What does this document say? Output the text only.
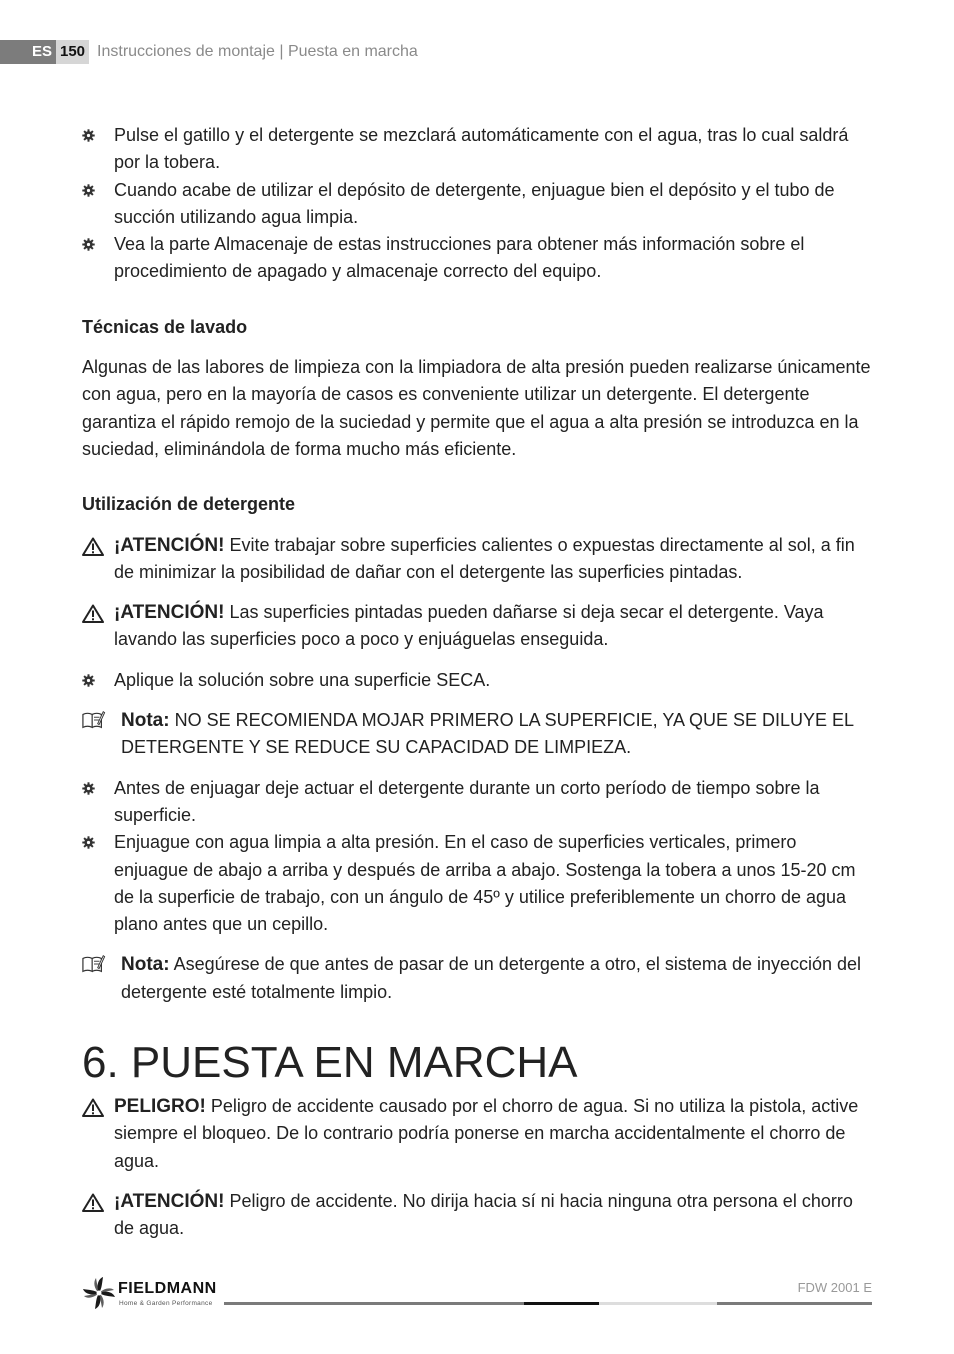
ES 150 Instrucciones de montaje | Puesta en marcha
Pulse el gatillo y el detergente se mezclará automáticamente con el agua, tras lo cual saldrá por la tobera.
Cuando acabe de utilizar el depósito de detergente, enjuague bien el depósito y el tubo de succión utilizando agua limpia.
Vea la parte Almacenaje de estas instrucciones para obtener más información sobre el procedimiento de apagado y almacenaje correcto del equipo.
Técnicas de lavado

Algunas de las labores de limpieza con la limpiadora de alta presión pueden realizarse únicamente con agua, pero en la mayoría de casos es conveniente utilizar un detergente. El detergente garantiza el rápido remojo de la suciedad y permite que el agua a alta presión se introduzca en la suciedad, eliminándola de forma mucho más eficiente.

Utilización de detergente
¡ATENCIÓN! Evite trabajar sobre superficies calientes o expuestas directamente al sol, a fin de minimizar la posibilidad de dañar con el detergente las superficies pintadas.
¡ATENCIÓN! Las superficies pintadas pueden dañarse si deja secar el detergente. Vaya lavando las superficies poco a poco y enjuáguelas enseguida.
Aplique la solución sobre una superficie SECA.
Nota: NO SE RECOMIENDA MOJAR PRIMERO LA SUPERFICIE, YA QUE SE DILUYE EL DETERGENTE Y SE REDUCE SU CAPACIDAD DE LIMPIEZA.
Antes de enjuagar deje actuar el detergente durante un corto período de tiempo sobre la superficie.
Enjuague con agua limpia a alta presión. En el caso de superficies verticales, primero enjuague de abajo a arriba y después de arriba a abajo. Sostenga la tobera a unos 15-20 cm de la superficie de trabajo, con un ángulo de 45º y utilice preferiblemente un chorro de agua plano antes que un cepillo.
Nota: Asegúrese de que antes de pasar de un detergente a otro, el sistema de inyección del detergente esté totalmente limpio.
6. PUESTA EN MARCHA
PELIGRO! Peligro de accidente causado por el chorro de agua. Si no utiliza la pistola, active siempre el bloqueo. De lo contrario podría ponerse en marcha accidentalmente el chorro de agua.
¡ATENCIÓN! Peligro de accidente. No dirija hacia sí ni hacia ninguna otra persona el chorro de agua.
FIELDMANN
Home & Garden Performance
FDW 2001 E
